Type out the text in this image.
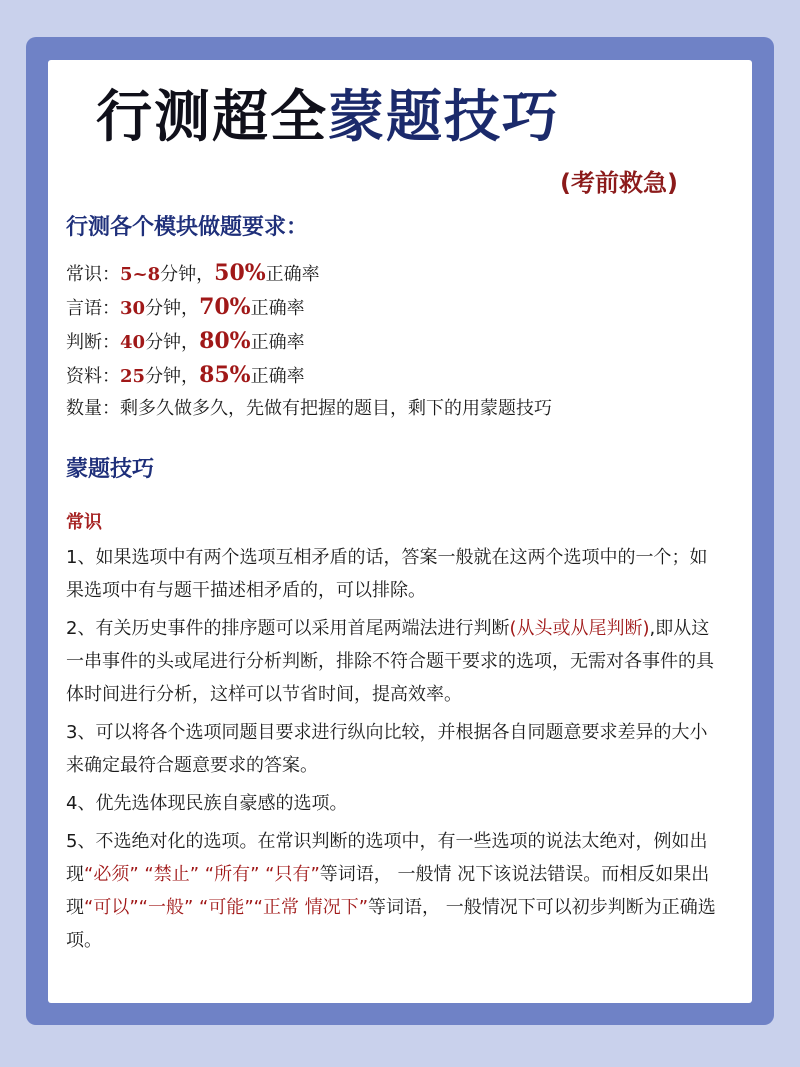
行测超全蒙题技巧
(考前救急)
行测各个模块做题要求：
常识：5~8分钟，50%正确率
言语：30分钟，70%正确率
判断：40分钟，80%正确率
资料：25分钟，85%正确率
数量：剩多久做多久，先做有把握的题目，剩下的用蒙题技巧
蒙题技巧
常识

1、如果选项中有两个选项互相矛盾的话，答案一般就在这两个选项中的一个；如果选项中有与题干描述相矛盾的，可以排除。

2、有关历史事件的排序题可以采用首尾两端法进行判断(从头或从尾判断),即从这一串事件的头或尾进行分析判断，排除不符合题干要求的选项，无需对各事件的具体时间进行分析，这样可以节省时间，提高效率。

3、可以将各个选项同题目要求进行纵向比较，并根据各自同题意要求差异的大小来确定最符合题意要求的答案。

4、优先选体现民族自豪感的选项。

5、不选绝对化的选项。在常识判断的选项中，有一些选项的说法太绝对，例如出现“必须” “禁止” “所有” “只有”等词语， 一般情 况下该说法错误。而相反如果出现“可以”“一般” “可能”“正常 情况下”等词语， 一般情况下可以初步判断为正确选项。
